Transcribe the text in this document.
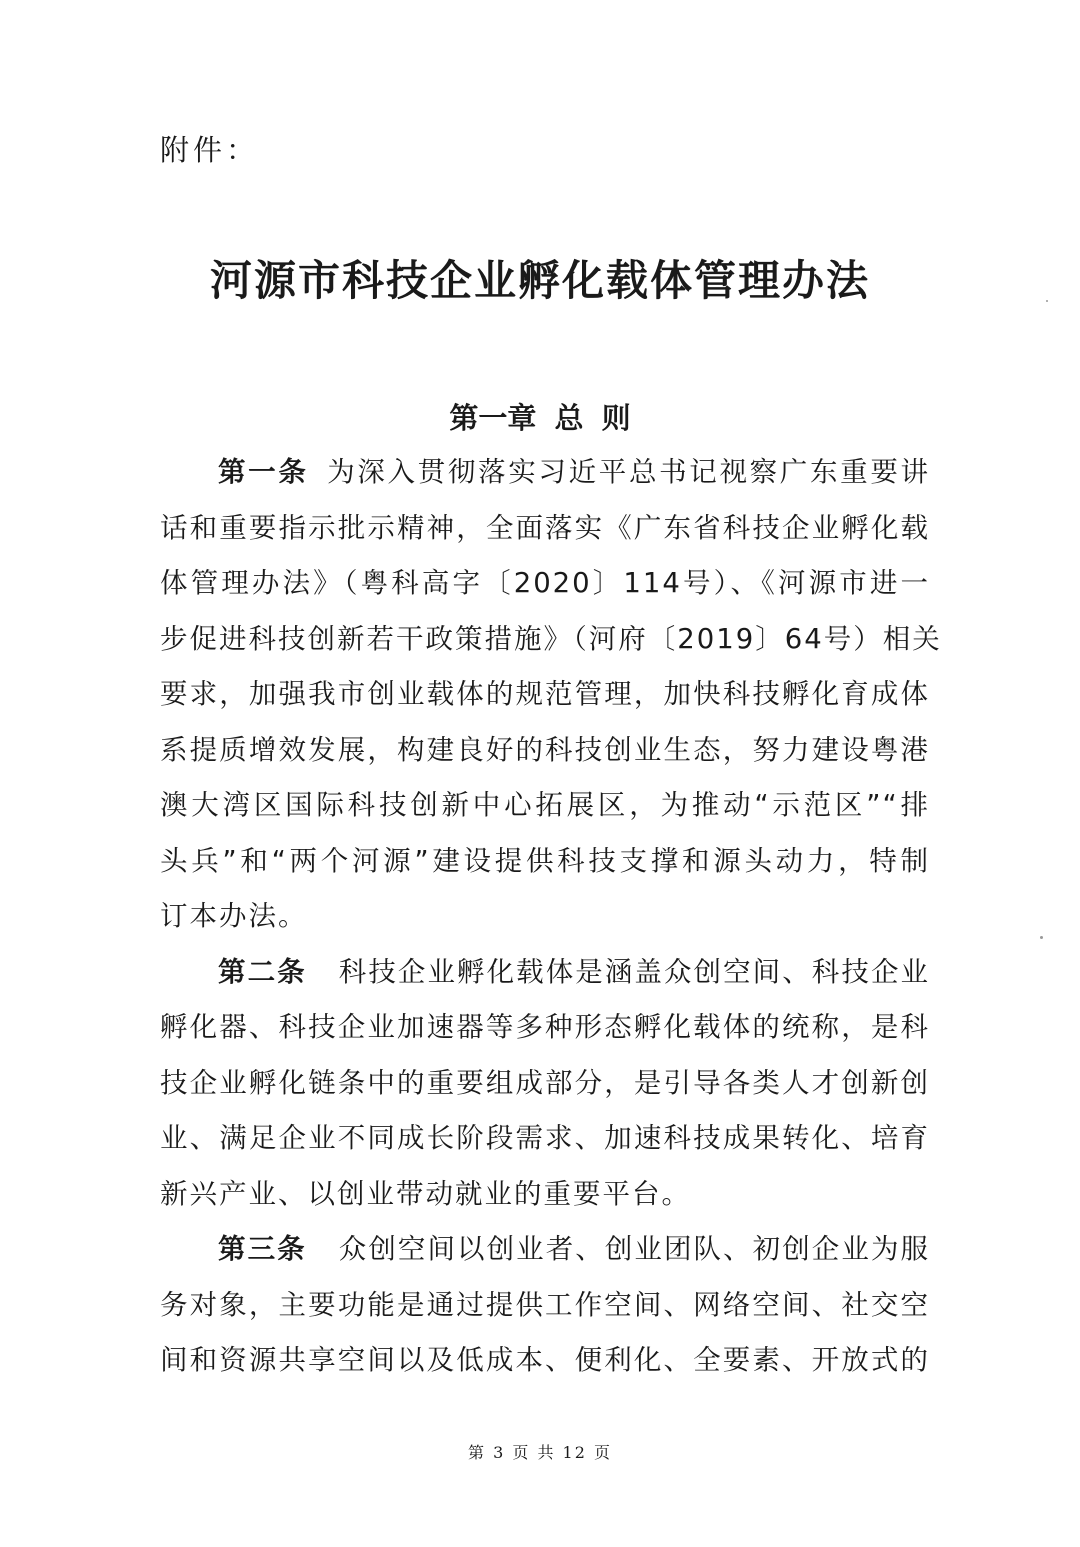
附件：
河源市科技企业孵化载体管理办法
第一章 总 则
第一条 为深入贯彻落实习近平总书记视察广东重要讲
话和重要指示批示精神，全面落实《广东省科技企业孵化载
体管理办法》（粤科高字〔2020〕114号）、《河源市进一
步促进科技创新若干政策措施》（河府〔2019〕64号）相关
要求，加强我市创业载体的规范管理，加快科技孵化育成体
系提质增效发展，构建良好的科技创业生态，努力建设粤港
澳大湾区国际科技创新中心拓展区，为推动“示范区”“排
头兵”和“两个河源”建设提供科技支撑和源头动力，特制
订本办法。
第二条 科技企业孵化载体是涵盖众创空间、科技企业
孵化器、科技企业加速器等多种形态孵化载体的统称，是科
技企业孵化链条中的重要组成部分，是引导各类人才创新创
业、满足企业不同成长阶段需求、加速科技成果转化、培育
新兴产业、以创业带动就业的重要平台。
第三条 众创空间以创业者、创业团队、初创企业为服
务对象，主要功能是通过提供工作空间、网络空间、社交空
间和资源共享空间以及低成本、便利化、全要素、开放式的
第 3 页 共 12 页
